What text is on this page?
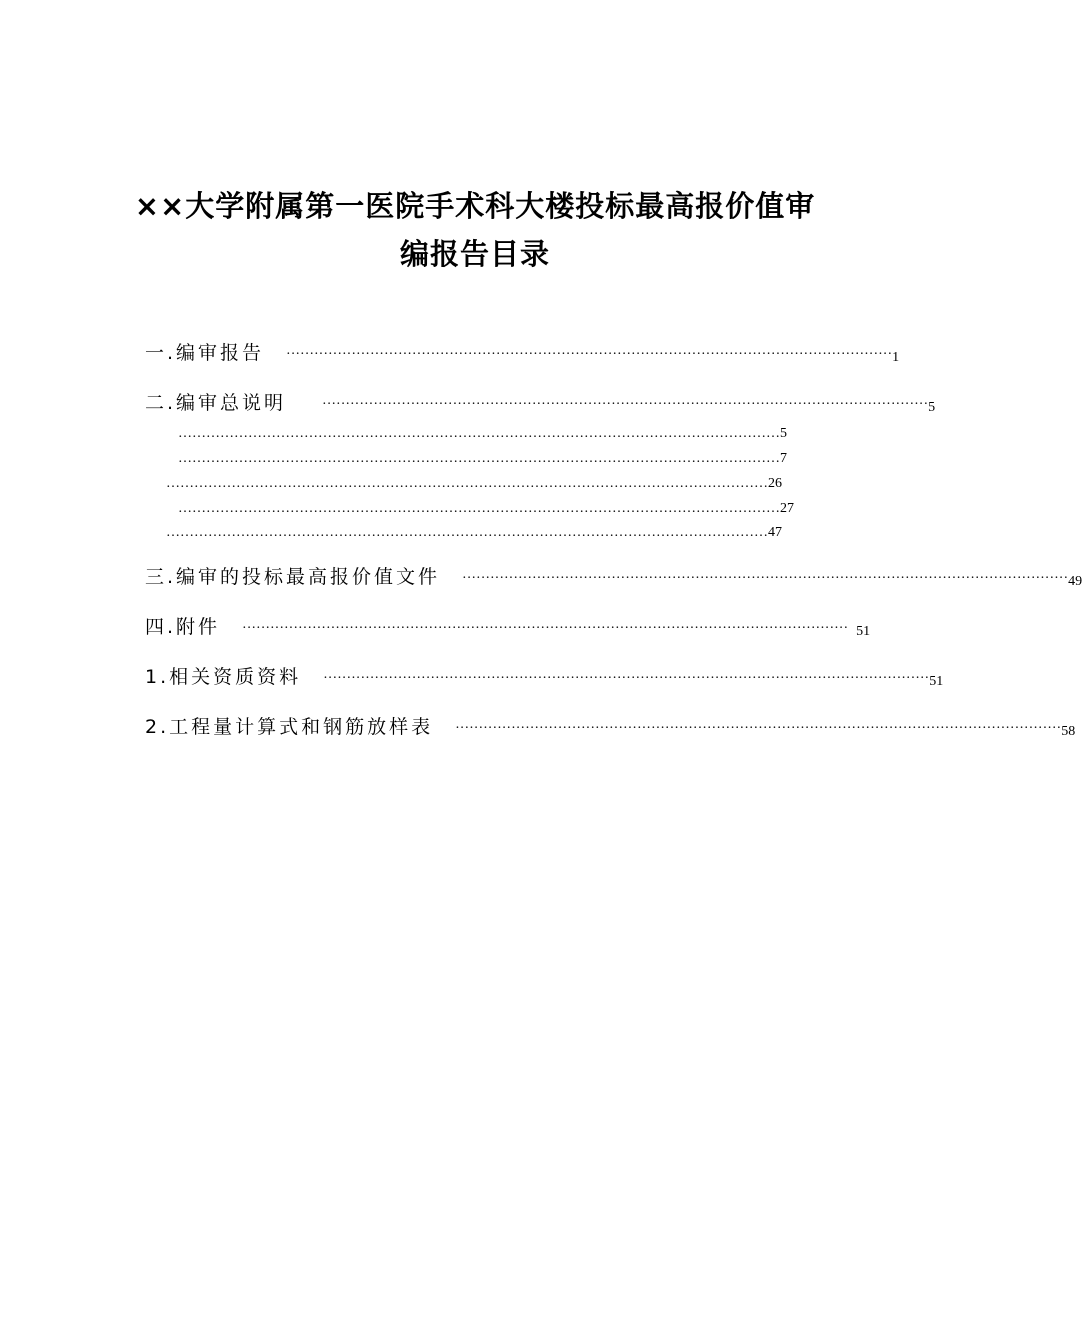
××大学附属第一医院手术科大楼投标最高报价值审
编报告目录
一.编审报告 ·································································································································· 1
二.编审总说明	·································································································································· 5
………………………………………………………………………………………………………………… 5
………………………………………………………………………………………………………………… 7
………………………………………………………………………………………………………………… 26
………………………………………………………………………………………………………………… 27
………………………………………………………………………………………………………………… 47
三.编审的投标最高报价值文件 ·································································································································· 49
四.附件 ·································································································································· 51
1.相关资质资料 ·································································································································· 51
2.工程量计算式和钢筋放样表 ·································································································································· 58
